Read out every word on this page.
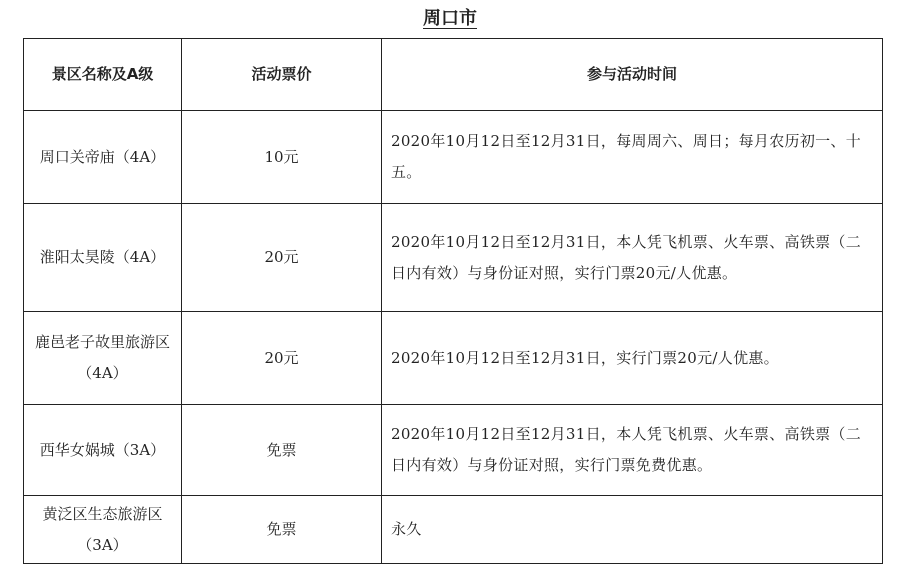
周口市
景区名称及A级	活动票价	参与活动时间
周口关帝庙（4A）	10元	2020年10月12日至12月31日，每周周六、周日；每月农历初一、十五。
淮阳太昊陵（4A）	20元	2020年10月12日至12月31日，本人凭飞机票、火车票、高铁票（二日内有效）与身份证对照，实行门票20元/人优惠。
鹿邑老子故里旅游区（4A）	20元	2020年10月12日至12月31日，实行门票20元/人优惠。
西华女娲城（3A）	免票	2020年10月12日至12月31日，本人凭飞机票、火车票、高铁票（二日内有效）与身份证对照，实行门票免费优惠。
黄泛区生态旅游区（3A）	免票	永久
